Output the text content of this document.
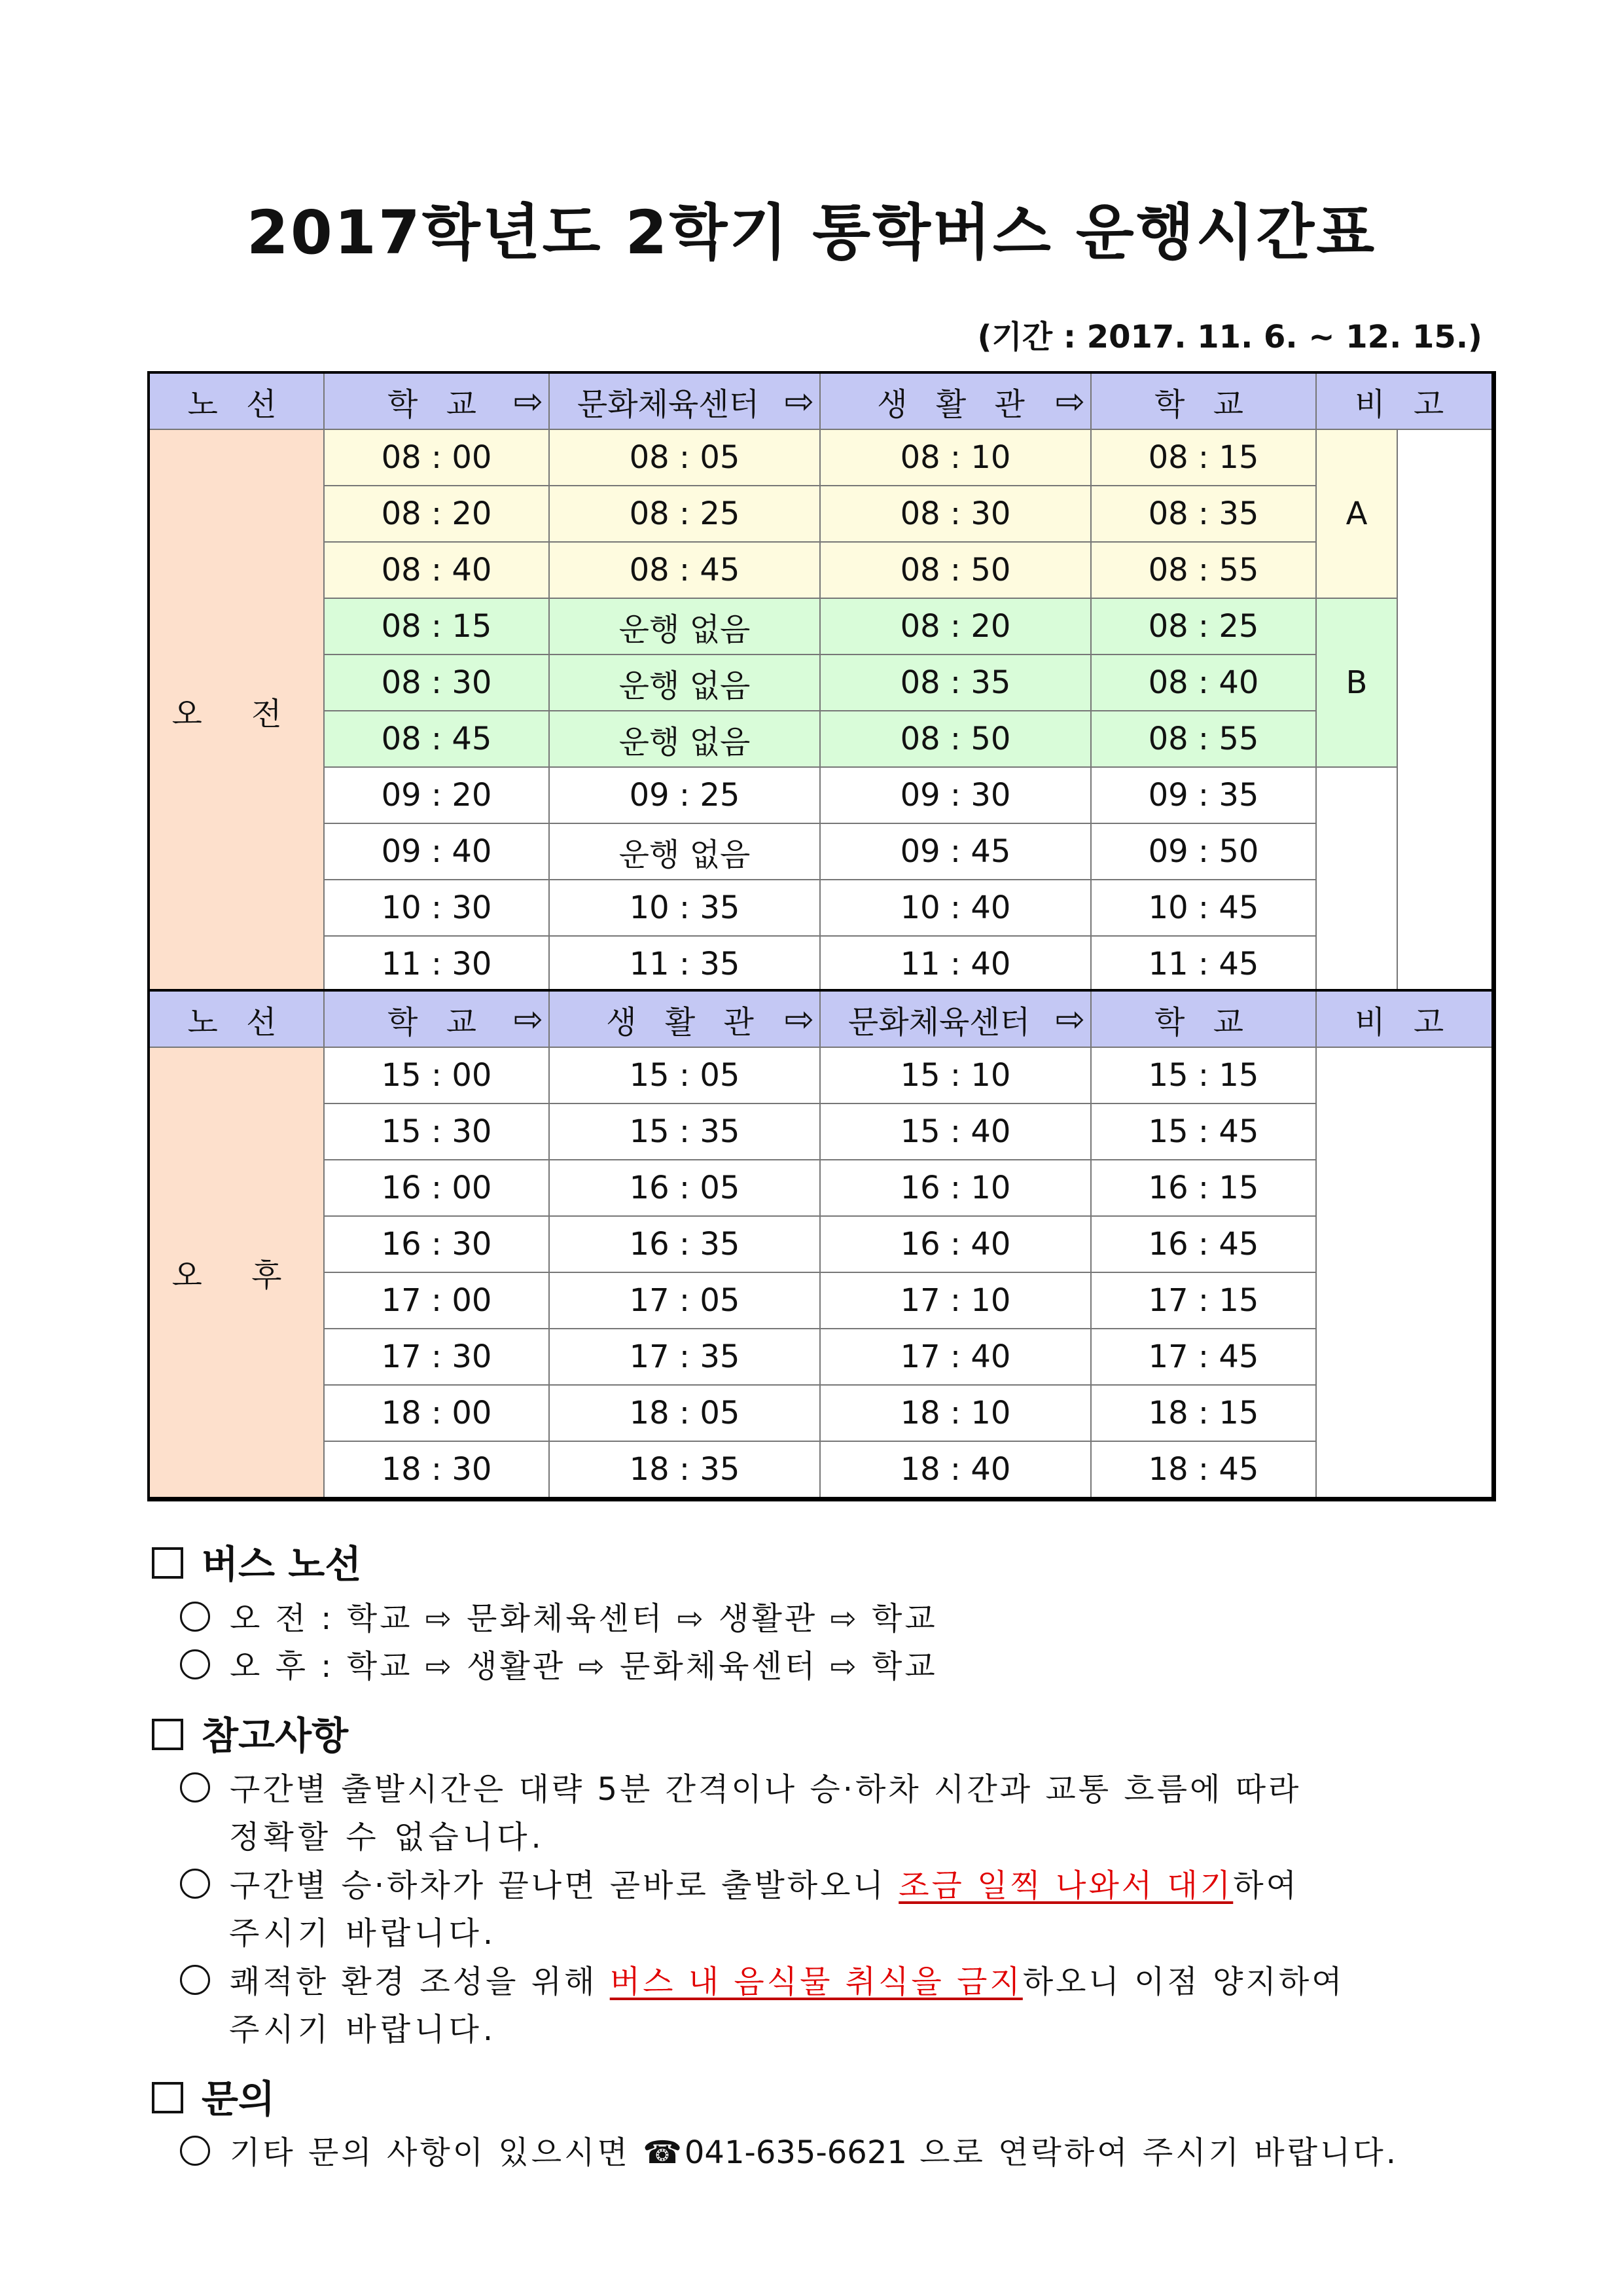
2017학년도 2학기 통학버스 운행시간표
(기간 : 2017. 11. 6. ~ 12. 15.)
노 선	학 교 ⇨	문화체육센터 ⇨	생 활 관 ⇨	학 교	비 고	
오 전	08 : 00	08 : 05	08 : 10	08 : 15	A	
	08 : 20	08 : 25	08 : 30	08 : 35		
	08 : 40	08 : 45	08 : 50	08 : 55		
	08 : 15	운행 없음	08 : 20	08 : 25	B	
	08 : 30	운행 없음	08 : 35	08 : 40		
	08 : 45	운행 없음	08 : 50	08 : 55		
	09 : 20	09 : 25	09 : 30	09 : 35		
	09 : 40	운행 없음	09 : 45	09 : 50		
	10 : 30	10 : 35	10 : 40	10 : 45		
	11 : 30	11 : 35	11 : 40	11 : 45		
노 선	학 교 ⇨	생 활 관 ⇨	문화체육센터 ⇨	학 교	비 고
오 후	15 : 00	15 : 05	15 : 10	15 : 15	
	15 : 30	15 : 35	15 : 40	15 : 45	
	16 : 00	16 : 05	16 : 10	16 : 15	
	16 : 30	16 : 35	16 : 40	16 : 45	
	17 : 00	17 : 05	17 : 10	17 : 15	
	17 : 30	17 : 35	17 : 40	17 : 45	
	18 : 00	18 : 05	18 : 10	18 : 15	
	18 : 30	18 : 35	18 : 40	18 : 45	
버스 노선
오 전 : 학교 ⇨ 문화체육센터 ⇨ 생활관 ⇨ 학교
오 후 : 학교 ⇨ 생활관 ⇨ 문화체육센터 ⇨ 학교
참고사항
구간별 출발시간은 대략 5분 간격이나 승·하차 시간과 교통 흐름에 따라
정확할 수 없습니다.
구간별 승·하차가 끝나면 곧바로 출발하오니 조금 일찍 나와서 대기하여
주시기 바랍니다.
쾌적한 환경 조성을 위해 버스 내 음식물 취식을 금지하오니 이점 양지하여
주시기 바랍니다.
문의
기타 문의 사항이 있으시면 ☎041-635-6621 으로 연락하여 주시기 바랍니다.
